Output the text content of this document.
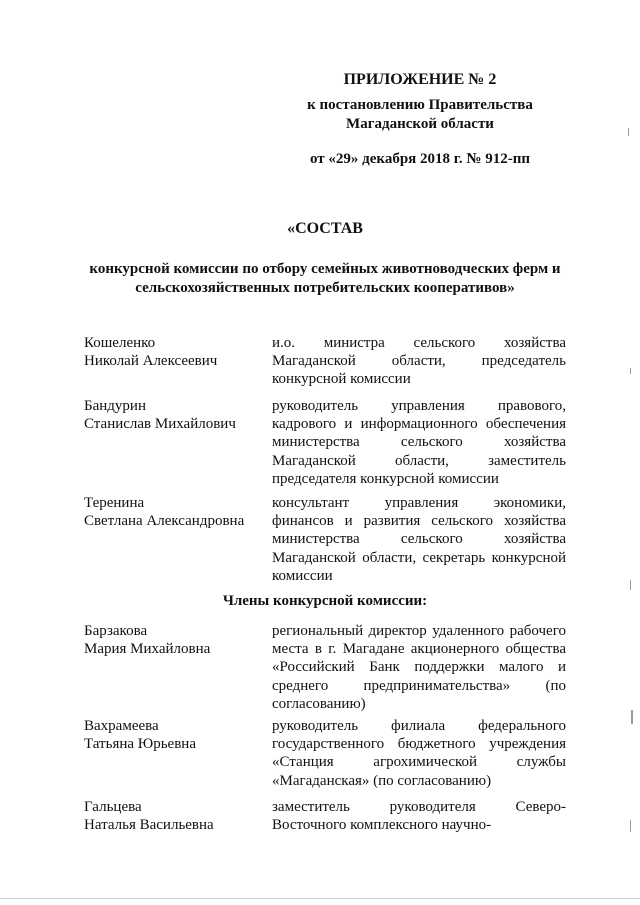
ПРИЛОЖЕНИЕ № 2
к постановлению Правительства
Магаданской области
от «29» декабря 2018 г. № 912-пп
«СОСТАВ
конкурсной комиссии по отбору семейных животноводческих ферм и
сельскохозяйственных потребительских кооперативов»
Кошеленко
Николай Алексеевич
и.о. министра сельского хозяйства Магаданской области, председатель конкурсной комиссии
Бандурин
Станислав Михайлович
руководитель управления правового, кадрового и информационного обеспечения министерства сельского хозяйства Магаданской области, заместитель председателя конкурсной комиссии
Теренина
Светлана Александровна
консультант управления экономики, финансов и развития сельского хозяйства министерства сельского хозяйства Магаданской области, секретарь конкурсной комиссии
Члены конкурсной комиссии:
Барзакова
Мария Михайловна
региональный директор удаленного рабочего места в г. Магадане акционерного общества «Российский Банк поддержки малого и среднего предпринимательства» (по согласованию)
Вахрамеева
Татьяна Юрьевна
руководитель филиала федерального государственного бюджетного учреждения «Станция агрохимической службы «Магаданская» (по согласованию)
Гальцева
Наталья Васильевна
заместитель руководителя Северо-Восточного комплексного научно-
